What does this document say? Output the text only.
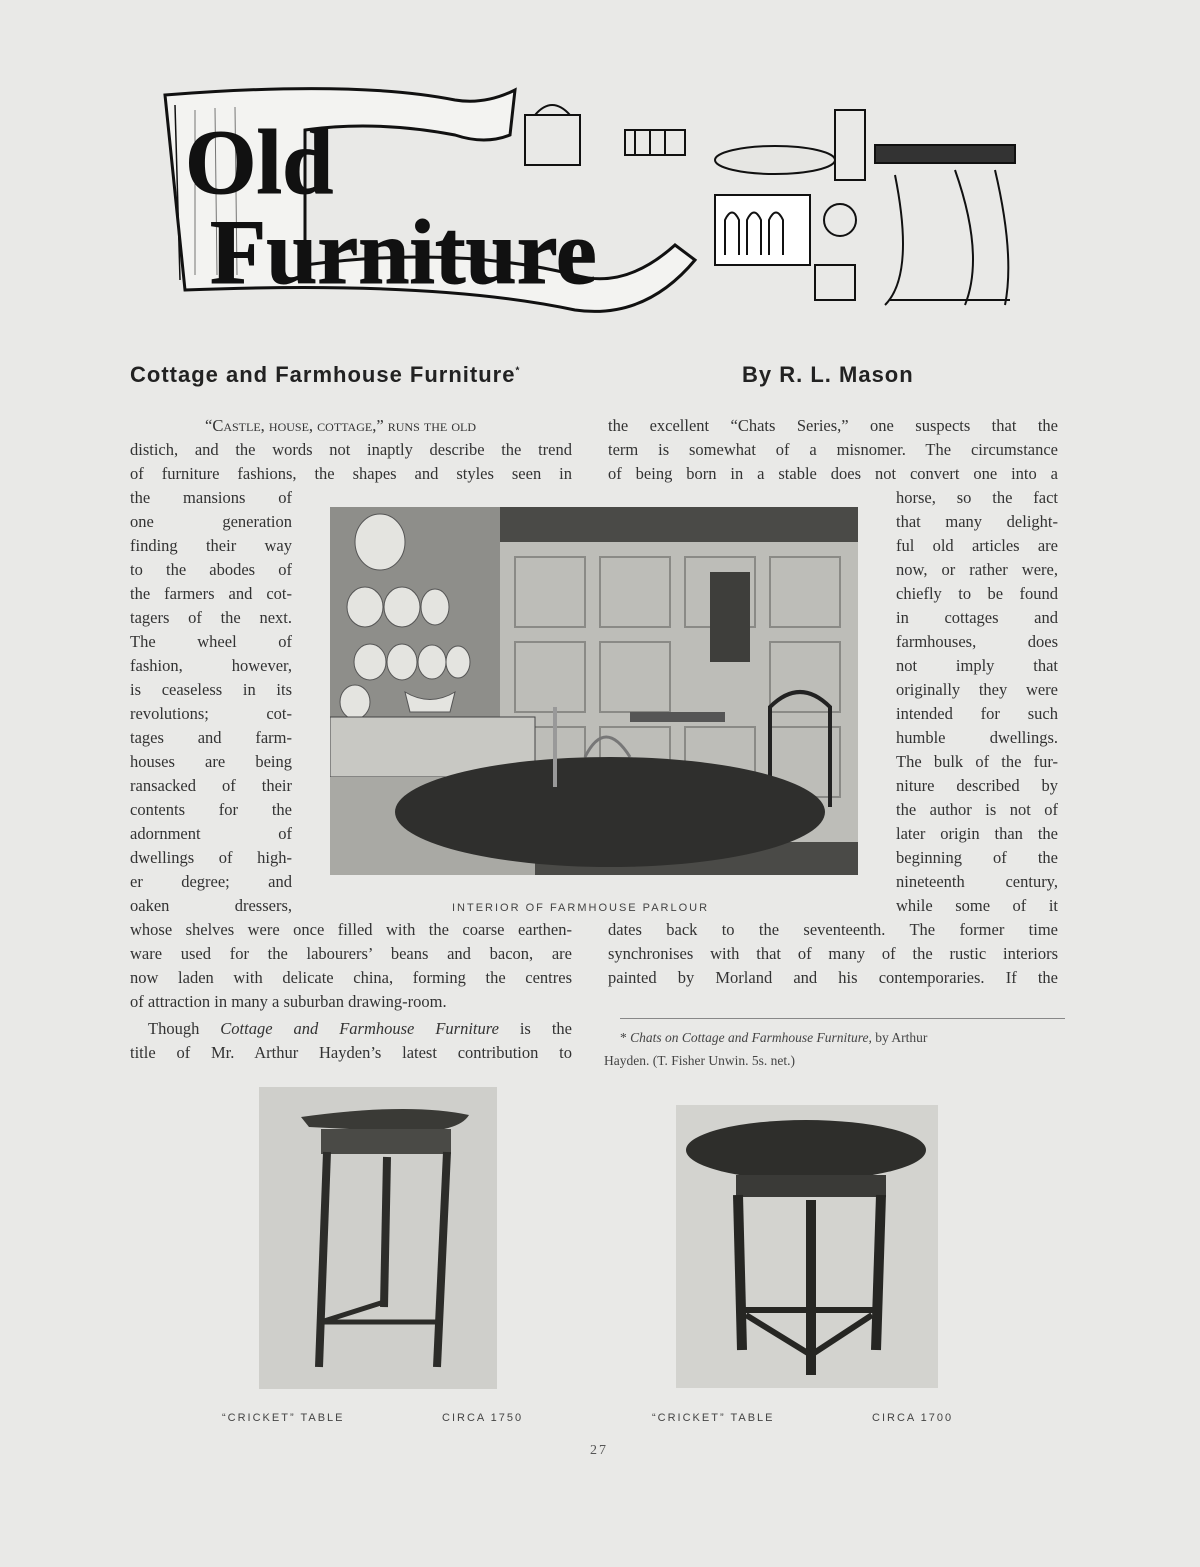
Old
Furniture
Cottage and Farmhouse Furniture*	By R. L. Mason
“Castle, house, cottage,” runs the old
distich, and the words not inaptly describe the trend
of furniture fashions, the shapes and styles seen in
the mansions of
one generation
finding their way
to the abodes of
the farmers and cot-
tagers of the next.
The wheel of
fashion, however,
is ceaseless in its
revolutions; cot-
tages and farm-
houses are being
ransacked of their
contents for the
adornment of
dwellings of high-
er degree; and
oaken dressers,
whose shelves were once filled with the coarse earthen-
ware used for the labourers’ beans and bacon, are
now laden with delicate china, forming the centres
of attraction in many a suburban drawing-room.
Though Cottage and Farmhouse Furniture is the
title of Mr. Arthur Hayden’s latest contribution to
the excellent “Chats Series,” one suspects that the
term is somewhat of a misnomer. The circumstance
of being born in a stable does not convert one into a
horse, so the fact
that many delight-
ful old articles are
now, or rather were,
chiefly to be found
in cottages and
farmhouses, does
not imply that
originally they were
intended for such
humble dwellings.
The bulk of the fur-
niture described by
the author is not of
later origin than the
beginning of the
nineteenth century,
while some of it
dates back to the seventeenth. The former time
synchronises with that of many of the rustic interiors
painted by Morland and his contemporaries. If the
INTERIOR OF FARMHOUSE PARLOUR
* Chats on Cottage and Farmhouse Furniture, by Arthur
Hayden. (T. Fisher Unwin. 5s. net.)
“CRICKET” TABLE	CIRCA 1750	“CRICKET” TABLE	CIRCA 1700
27
